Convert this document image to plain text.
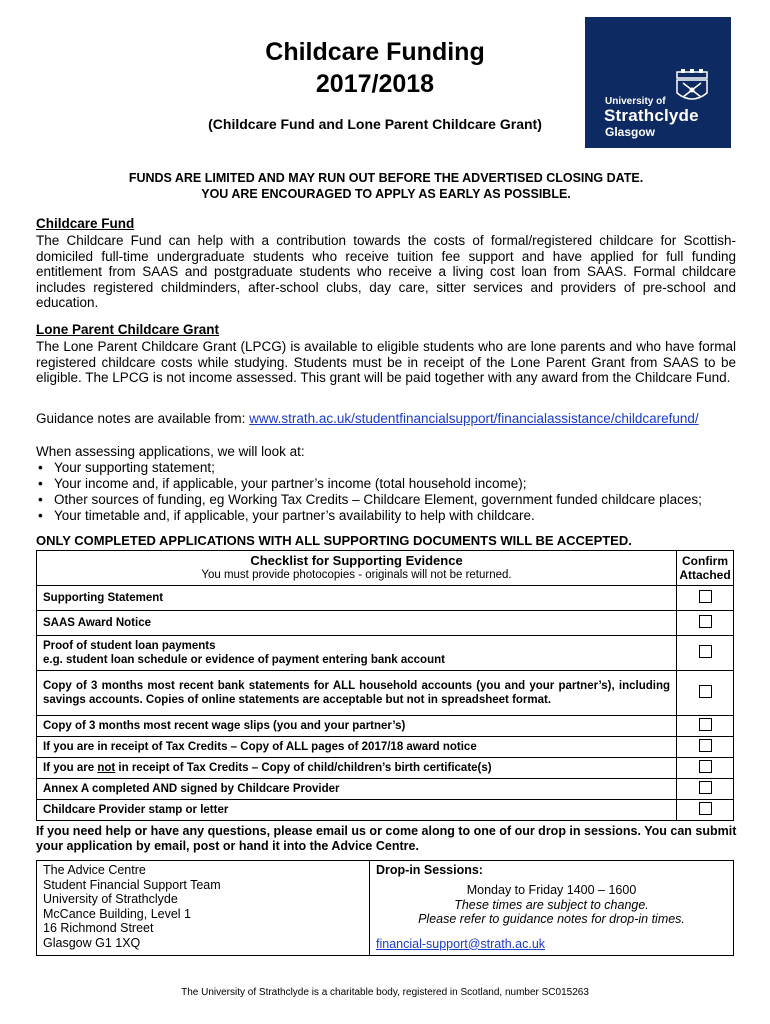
Childcare Funding
2017/2018
(Childcare Fund and Lone Parent Childcare Grant)
University of
Strathclyde
Glasgow
FUNDS ARE LIMITED AND MAY RUN OUT BEFORE THE ADVERTISED CLOSING DATE.
YOU ARE ENCOURAGED TO APPLY AS EARLY AS POSSIBLE.
Childcare Fund
The Childcare Fund can help with a contribution towards the costs of formal/registered childcare for Scottish-domiciled full-time undergraduate students who receive tuition fee support and have applied for full funding entitlement from SAAS and postgraduate students who receive a living cost loan from SAAS. Formal childcare includes registered childminders, after-school clubs, day care, sitter services and providers of pre-school and education.
Lone Parent Childcare Grant
The Lone Parent Childcare Grant (LPCG) is available to eligible students who are lone parents and who have formal registered childcare costs while studying. Students must be in receipt of the Lone Parent Grant from SAAS to be eligible. The LPCG is not income assessed. This grant will be paid together with any award from the Childcare Fund.
Guidance notes are available from: www.strath.ac.uk/studentfinancialsupport/financialassistance/childcarefund/
When assessing applications, we will look at:
• Your supporting statement;
• Your income and, if applicable, your partner’s income (total household income);
• Other sources of funding, eg Working Tax Credits – Childcare Element, government funded childcare places;
• Your timetable and, if applicable, your partner’s availability to help with childcare.
ONLY COMPLETED APPLICATIONS WITH ALL SUPPORTING DOCUMENTS WILL BE ACCEPTED.
Checklist for Supporting Evidence
You must provide photocopies - originals will not be returned.	Confirm
Attached

Supporting Statement	
SAAS Award Notice	

Proof of student loan payments
e.g. student loan schedule or evidence of payment entering bank account	

Copy of 3 months most recent bank statements for ALL household accounts (you and your partner’s), including savings accounts. Copies of online statements are acceptable but not in spreadsheet format.	
Copy of 3 months most recent wage slips (you and your partner’s)	
If you are in receipt of Tax Credits – Copy of ALL pages of 2017/18 award notice	
If you are not in receipt of Tax Credits – Copy of child/children’s birth certificate(s)	
Annex A completed AND signed by Childcare Provider	
Childcare Provider stamp or letter	
If you need help or have any questions, please email us or come along to one of our drop in sessions. You can submit your application by email, post or hand it into the Advice Centre.
The Advice Centre
Student Financial Support Team
University of Strathclyde
McCance Building, Level 1
16 Richmond Street
Glasgow G1 1XQ

Drop-in Sessions:
Monday to Friday 1400 – 1600
These times are subject to change.
Please refer to guidance notes for drop-in times.
financial-support@strath.ac.uk
The University of Strathclyde is a charitable body, registered in Scotland, number SC015263
